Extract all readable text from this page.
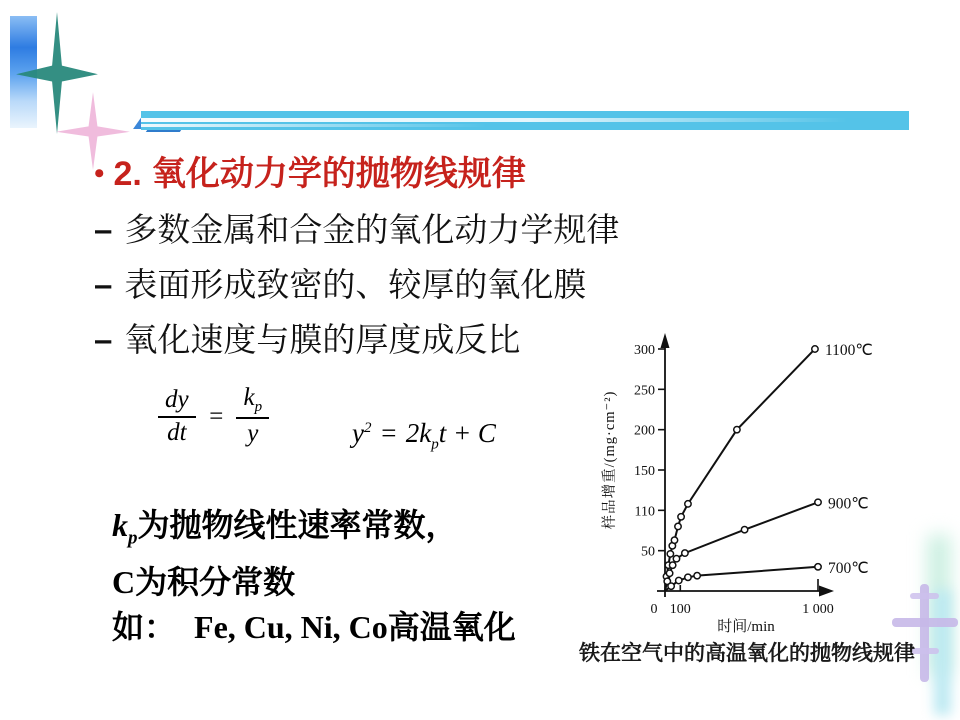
• 2. 氧化动力学的抛物线规律
– 多数金属和合金的氧化动力学规律
– 表面形成致密的、较厚的氧化膜
– 氧化速度与膜的厚度成反比
$\frac{dy}{dt} = \frac{k_p}{y}$	$y^2 = 2k_pt + C$
$k_p$为抛物线性速率常数，
C为积分常数
如： Fe, Cu, Ni, Co高温氧化
50
110
150
200
250
300
0 100	1 000
时间/min
1100℃
900℃
700℃
样品增重/(mg·cm⁻²)
铁在空气中的高温氧化的抛物线规律
